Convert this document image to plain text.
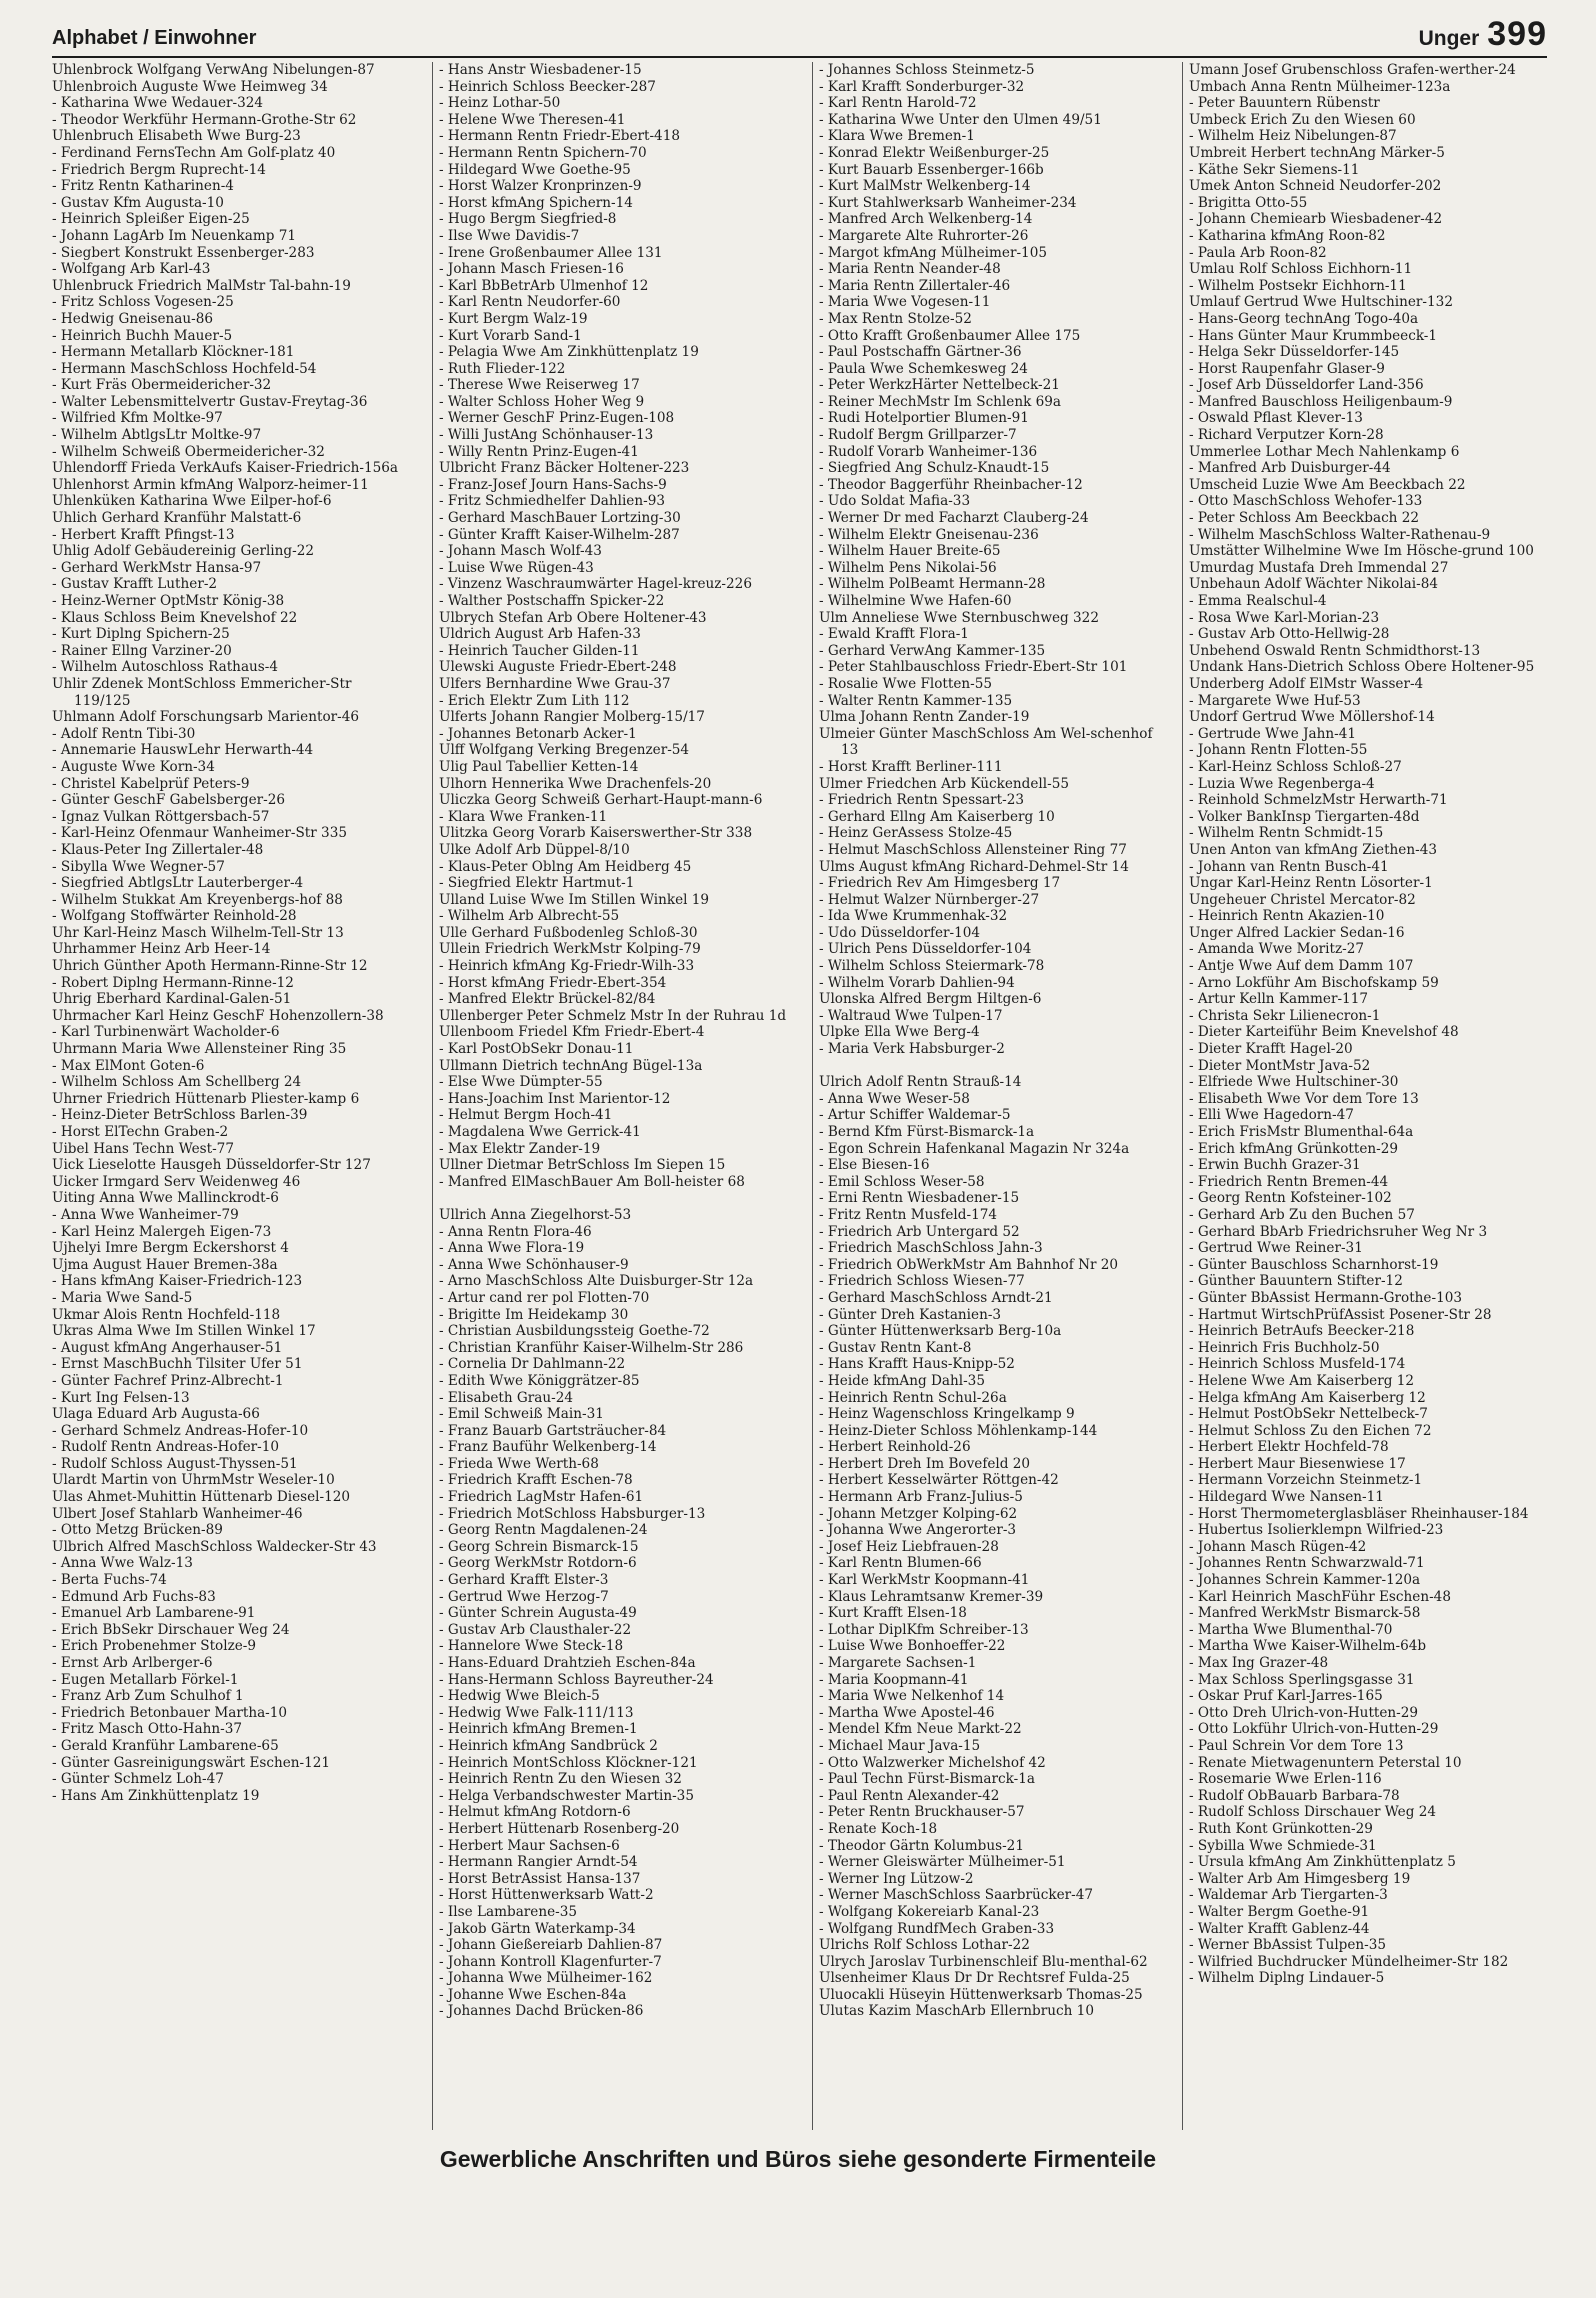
Alphabet / Einwohner	Unger 399
Uhlenbrock Wolfgang VerwAng Nibelungen-87
Uhlenbroich Auguste Wwe Heimweg 34
- Katharina Wwe Wedauer-324
- Theodor Werkführ Hermann-Grothe-Str 62
Uhlenbruch Elisabeth Wwe Burg-23
- Ferdinand FernsTechn Am Golf-platz 40
- Friedrich Bergm Ruprecht-14
- Fritz Rentn Katharinen-4
- Gustav Kfm Augusta-10
- Heinrich Spleißer Eigen-25
- Johann LagArb Im Neuenkamp 71
- Siegbert Konstrukt Essenberger-283
- Wolfgang Arb Karl-43
Uhlenbruck Friedrich MalMstr Tal-bahn-19
- Fritz Schloss Vogesen-25
- Hedwig Gneisenau-86
- Heinrich Buchh Mauer-5
- Hermann Metallarb Klöckner-181
- Hermann MaschSchloss Hochfeld-54
- Kurt Fräs Obermeidericher-32
- Walter Lebensmittelvertr Gustav-Freytag-36
- Wilfried Kfm Moltke-97
- Wilhelm AbtlgsLtr Moltke-97
- Wilhelm Schweiß Obermeidericher-32
Uhlendorff Frieda VerkAufs Kaiser-Friedrich-156a
Uhlenhorst Armin kfmAng Walporz-heimer-11
Uhlenküken Katharina Wwe Eilper-hof-6
Uhlich Gerhard Kranführ Malstatt-6
- Herbert Krafft Pfingst-13
Uhlig Adolf Gebäudereinig Gerling-22
- Gerhard WerkMstr Hansa-97
- Gustav Krafft Luther-2
- Heinz-Werner OptMstr König-38
- Klaus Schloss Beim Knevelshof 22
- Kurt Diplng Spichern-25
- Rainer Ellng Varziner-20
- Wilhelm Autoschloss Rathaus-4
Uhlir Zdenek MontSchloss Emmericher-Str 119/125
Uhlmann Adolf Forschungsarb Marientor-46
- Adolf Rentn Tibi-30
- Annemarie HauswLehr Herwarth-44
- Auguste Wwe Korn-34
- Christel Kabelprüf Peters-9
- Günter GeschF Gabelsberger-26
- Ignaz Vulkan Röttgersbach-57
- Karl-Heinz Ofenmaur Wanheimer-Str 335
- Klaus-Peter Ing Zillertaler-48
- Sibylla Wwe Wegner-57
- Siegfried AbtlgsLtr Lauterberger-4
- Wilhelm Stukkat Am Kreyenbergs-hof 88
- Wolfgang Stoffwärter Reinhold-28
Uhr Karl-Heinz Masch Wilhelm-Tell-Str 13
Uhrhammer Heinz Arb Heer-14
Uhrich Günther Apoth Hermann-Rinne-Str 12
- Robert Diplng Hermann-Rinne-12
Uhrig Eberhard Kardinal-Galen-51
Uhrmacher Karl Heinz GeschF Hohenzollern-38
- Karl Turbinenwärt Wacholder-6
Uhrmann Maria Wwe Allensteiner Ring 35
- Max ElMont Goten-6
- Wilhelm Schloss Am Schellberg 24
Uhrner Friedrich Hüttenarb Pliester-kamp 6
- Heinz-Dieter BetrSchloss Barlen-39
- Horst ElTechn Graben-2
Uibel Hans Techn West-77
Uick Lieselotte Hausgeh Düsseldorfer-Str 127
Uicker Irmgard Serv Weidenweg 46
Uiting Anna Wwe Mallinckrodt-6
- Anna Wwe Wanheimer-79
- Karl Heinz Malergeh Eigen-73
Ujhelyi Imre Bergm Eckershorst 4
Ujma August Hauer Bremen-38a
- Hans kfmAng Kaiser-Friedrich-123
- Maria Wwe Sand-5
Ukmar Alois Rentn Hochfeld-118
Ukras Alma Wwe Im Stillen Winkel 17
- August kfmAng Angerhauser-51
- Ernst MaschBuchh Tilsiter Ufer 51
- Günter Fachref Prinz-Albrecht-1
- Kurt Ing Felsen-13
Ulaga Eduard Arb Augusta-66
- Gerhard Schmelz Andreas-Hofer-10
- Rudolf Rentn Andreas-Hofer-10
- Rudolf Schloss August-Thyssen-51
Ulardt Martin von UhrmMstr Weseler-10
Ulas Ahmet-Muhittin Hüttenarb Diesel-120
Ulbert Josef Stahlarb Wanheimer-46
- Otto Metzg Brücken-89
Ulbrich Alfred MaschSchloss Waldecker-Str 43
- Anna Wwe Walz-13
- Berta Fuchs-74
- Edmund Arb Fuchs-83
- Emanuel Arb Lambarene-91
- Erich BbSekr Dirschauer Weg 24
- Erich Probenehmer Stolze-9
- Ernst Arb Arlberger-6
- Eugen Metallarb Förkel-1
- Franz Arb Zum Schulhof 1
- Friedrich Betonbauer Martha-10
- Fritz Masch Otto-Hahn-37
- Gerald Kranführ Lambarene-65
- Günter Gasreinigungswärt Eschen-121
- Günter Schmelz Loh-47
- Hans Am Zinkhüttenplatz 19
- Hans Anstr Wiesbadener-15
- Heinrich Schloss Beecker-287
- Heinz Lothar-50
- Helene Wwe Theresen-41
- Hermann Rentn Friedr-Ebert-418
- Hermann Rentn Spichern-70
- Hildegard Wwe Goethe-95
- Horst Walzer Kronprinzen-9
- Horst kfmAng Spichern-14
- Hugo Bergm Siegfried-8
- Ilse Wwe Davidis-7
- Irene Großenbaumer Allee 131
- Johann Masch Friesen-16
- Karl BbBetrArb Ulmenhof 12
- Karl Rentn Neudorfer-60
- Kurt Bergm Walz-19
- Kurt Vorarb Sand-1
- Pelagia Wwe Am Zinkhüttenplatz 19
- Ruth Flieder-122
- Therese Wwe Reiserweg 17
- Walter Schloss Hoher Weg 9
- Werner GeschF Prinz-Eugen-108
- Willi JustAng Schönhauser-13
- Willy Rentn Prinz-Eugen-41
Ulbricht Franz Bäcker Holtener-223
- Franz-Josef Journ Hans-Sachs-9
- Fritz Schmiedhelfer Dahlien-93
- Gerhard MaschBauer Lortzing-30
- Günter Krafft Kaiser-Wilhelm-287
- Johann Masch Wolf-43
- Luise Wwe Rügen-43
- Vinzenz Waschraumwärter Hagel-kreuz-226
- Walther Postschaffn Spicker-22
Ulbrych Stefan Arb Obere Holtener-43
Uldrich August Arb Hafen-33
- Heinrich Taucher Gilden-11
Ulewski Auguste Friedr-Ebert-248
Ulfers Bernhardine Wwe Grau-37
- Erich Elektr Zum Lith 112
Ulferts Johann Rangier Molberg-15/17
- Johannes Betonarb Acker-1
Ulff Wolfgang Verking Bregenzer-54
Ulig Paul Tabellier Ketten-14
Ulhorn Hennerika Wwe Drachenfels-20
Uliczka Georg Schweiß Gerhart-Haupt-mann-6
- Klara Wwe Franken-11
Ulitzka Georg Vorarb Kaiserswerther-Str 338
Ulke Adolf Arb Düppel-8/10
- Klaus-Peter Oblng Am Heidberg 45
- Siegfried Elektr Hartmut-1
Ulland Luise Wwe Im Stillen Winkel 19
- Wilhelm Arb Albrecht-55
Ulle Gerhard Fußbodenleg Schloß-30
Ullein Friedrich WerkMstr Kolping-79
- Heinrich kfmAng Kg-Friedr-Wilh-33
- Horst kfmAng Friedr-Ebert-354
- Manfred Elektr Brückel-82/84
Ullenberger Peter Schmelz Mstr In der Ruhrau 1d
Ullenboom Friedel Kfm Friedr-Ebert-4
- Karl PostObSekr Donau-11
Ullmann Dietrich technAng Bügel-13a
- Else Wwe Dümpter-55
- Hans-Joachim Inst Marientor-12
- Helmut Bergm Hoch-41
- Magdalena Wwe Gerrick-41
- Max Elektr Zander-19
Ullner Dietmar BetrSchloss Im Siepen 15
- Manfred ElMaschBauer Am Boll-heister 68
Ullrich Anna Ziegelhorst-53
- Anna Rentn Flora-46
- Anna Wwe Flora-19
- Anna Wwe Schönhauser-9
- Arno MaschSchloss Alte Duisburger-Str 12a
- Artur cand rer pol Flotten-70
- Brigitte Im Heidekamp 30
- Christian Ausbildungssteig Goethe-72
- Christian Kranführ Kaiser-Wilhelm-Str 286
- Cornelia Dr Dahlmann-22
- Edith Wwe Königgrätzer-85
- Elisabeth Grau-24
- Emil Schweiß Main-31
- Franz Bauarb Gartsträucher-84
- Franz Bauführ Welkenberg-14
- Frieda Wwe Werth-68
- Friedrich Krafft Eschen-78
- Friedrich LagMstr Hafen-61
- Friedrich MotSchloss Habsburger-13
- Georg Rentn Magdalenen-24
- Georg Schrein Bismarck-15
- Georg WerkMstr Rotdorn-6
- Gerhard Krafft Elster-3
- Gertrud Wwe Herzog-7
- Günter Schrein Augusta-49
- Gustav Arb Clausthaler-22
- Hannelore Wwe Steck-18
- Hans-Eduard Drahtzieh Eschen-84a
- Hans-Hermann Schloss Bayreuther-24
- Hedwig Wwe Bleich-5
- Hedwig Wwe Falk-111/113
- Heinrich kfmAng Bremen-1
- Heinrich kfmAng Sandbrück 2
- Heinrich MontSchloss Klöckner-121
- Heinrich Rentn Zu den Wiesen 32
- Helga Verbandschwester Martin-35
- Helmut kfmAng Rotdorn-6
- Herbert Hüttenarb Rosenberg-20
- Herbert Maur Sachsen-6
- Hermann Rangier Arndt-54
- Horst BetrAssist Hansa-137
- Horst Hüttenwerksarb Watt-2
- Ilse Lambarene-35
- Jakob Gärtn Waterkamp-34
- Johann Gießereiarb Dahlien-87
- Johann Kontroll Klagenfurter-7
- Johanna Wwe Mülheimer-162
- Johanne Wwe Eschen-84a
- Johannes Dachd Brücken-86
- Johannes Schloss Steinmetz-5
- Karl Krafft Sonderburger-32
- Karl Rentn Harold-72
- Katharina Wwe Unter den Ulmen 49/51
- Klara Wwe Bremen-1
- Konrad Elektr Weißenburger-25
- Kurt Bauarb Essenberger-166b
- Kurt MalMstr Welkenberg-14
- Kurt Stahlwerksarb Wanheimer-234
- Manfred Arch Welkenberg-14
- Margarete Alte Ruhrorter-26
- Margot kfmAng Mülheimer-105
- Maria Rentn Neander-48
- Maria Rentn Zillertaler-46
- Maria Wwe Vogesen-11
- Max Rentn Stolze-52
- Otto Krafft Großenbaumer Allee 175
- Paul Postschaffn Gärtner-36
- Paula Wwe Schemkesweg 24
- Peter WerkzHärter Nettelbeck-21
- Reiner MechMstr Im Schlenk 69a
- Rudi Hotelportier Blumen-91
- Rudolf Bergm Grillparzer-7
- Rudolf Vorarb Wanheimer-136
- Siegfried Ang Schulz-Knaudt-15
- Theodor Baggerführ Rheinbacher-12
- Udo Soldat Mafia-33
- Werner Dr med Facharzt Clauberg-24
- Wilhelm Elektr Gneisenau-236
- Wilhelm Hauer Breite-65
- Wilhelm Pens Nikolai-56
- Wilhelm PolBeamt Hermann-28
- Wilhelmine Wwe Hafen-60
Ulm Anneliese Wwe Sternbuschweg 322
- Ewald Krafft Flora-1
- Gerhard VerwAng Kammer-135
- Peter Stahlbauschloss Friedr-Ebert-Str 101
- Rosalie Wwe Flotten-55
- Walter Rentn Kammer-135
Ulma Johann Rentn Zander-19
Ulmeier Günter MaschSchloss Am Wel-schenhof 13
- Horst Krafft Berliner-111
Ulmer Friedchen Arb Kückendell-55
- Friedrich Rentn Spessart-23
- Gerhard Ellng Am Kaiserberg 10
- Heinz GerAssess Stolze-45
- Helmut MaschSchloss Allensteiner Ring 77
Ulms August kfmAng Richard-Dehmel-Str 14
- Friedrich Rev Am Himgesberg 17
- Helmut Walzer Nürnberger-27
- Ida Wwe Krummenhak-32
- Udo Düsseldorfer-104
- Ulrich Pens Düsseldorfer-104
- Wilhelm Schloss Steiermark-78
- Wilhelm Vorarb Dahlien-94
Ulonska Alfred Bergm Hiltgen-6
- Waltraud Wwe Tulpen-17
Ulpke Ella Wwe Berg-4
- Maria Verk Habsburger-2
Ulrich Adolf Rentn Strauß-14
- Anna Wwe Weser-58
- Artur Schiffer Waldemar-5
- Bernd Kfm Fürst-Bismarck-1a
- Egon Schrein Hafenkanal Magazin Nr 324a
- Else Biesen-16
- Emil Schloss Weser-58
- Erni Rentn Wiesbadener-15
- Fritz Rentn Musfeld-174
- Friedrich Arb Untergard 52
- Friedrich MaschSchloss Jahn-3
- Friedrich ObWerkMstr Am Bahnhof Nr 20
- Friedrich Schloss Wiesen-77
- Gerhard MaschSchloss Arndt-21
- Günter Dreh Kastanien-3
- Günter Hüttenwerksarb Berg-10a
- Gustav Rentn Kant-8
- Hans Krafft Haus-Knipp-52
- Heide kfmAng Dahl-35
- Heinrich Rentn Schul-26a
- Heinz Wagenschloss Kringelkamp 9
- Heinz-Dieter Schloss Möhlenkamp-144
- Herbert Reinhold-26
- Herbert Dreh Im Bovefeld 20
- Herbert Kesselwärter Röttgen-42
- Hermann Arb Franz-Julius-5
- Johann Metzger Kolping-62
- Johanna Wwe Angerorter-3
- Josef Heiz Liebfrauen-28
- Karl Rentn Blumen-66
- Karl WerkMstr Koopmann-41
- Klaus Lehramtsanw Kremer-39
- Kurt Krafft Elsen-18
- Lothar DiplKfm Schreiber-13
- Luise Wwe Bonhoeffer-22
- Margarete Sachsen-1
- Maria Koopmann-41
- Maria Wwe Nelkenhof 14
- Martha Wwe Apostel-46
- Mendel Kfm Neue Markt-22
- Michael Maur Java-15
- Otto Walzwerker Michelshof 42
- Paul Techn Fürst-Bismarck-1a
- Paul Rentn Alexander-42
- Peter Rentn Bruckhauser-57
- Renate Koch-18
- Theodor Gärtn Kolumbus-21
- Werner Gleiswärter Mülheimer-51
- Werner Ing Lützow-2
- Werner MaschSchloss Saarbrücker-47
- Wolfgang Kokereiarb Kanal-23
- Wolfgang RundfMech Graben-33
Ulrichs Rolf Schloss Lothar-22
Ulrych Jaroslav Turbinenschleif Blu-menthal-62
Ulsenheimer Klaus Dr Dr Rechtsref Fulda-25
Uluocakli Hüseyin Hüttenwerksarb Thomas-25
Ulutas Kazim MaschArb Ellernbruch 10
Umann Josef Grubenschloss Grafen-werther-24
Umbach Anna Rentn Mülheimer-123a
- Peter Bauuntern Rübenstr
Umbeck Erich Zu den Wiesen 60
- Wilhelm Heiz Nibelungen-87
Umbreit Herbert technAng Märker-5
- Käthe Sekr Siemens-11
Umek Anton Schneid Neudorfer-202
- Brigitta Otto-55
- Johann Chemiearb Wiesbadener-42
- Katharina kfmAng Roon-82
- Paula Arb Roon-82
Umlau Rolf Schloss Eichhorn-11
- Wilhelm Postsekr Eichhorn-11
Umlauf Gertrud Wwe Hultschiner-132
- Hans-Georg technAng Togo-40a
- Hans Günter Maur Krummbeeck-1
- Helga Sekr Düsseldorfer-145
- Horst Raupenfahr Glaser-9
- Josef Arb Düsseldorfer Land-356
- Manfred Bauschloss Heiligenbaum-9
- Oswald Pflast Klever-13
- Richard Verputzer Korn-28
Ummerlee Lothar Mech Nahlenkamp 6
- Manfred Arb Duisburger-44
Umscheid Luzie Wwe Am Beeckbach 22
- Otto MaschSchloss Wehofer-133
- Peter Schloss Am Beeckbach 22
- Wilhelm MaschSchloss Walter-Rathenau-9
Umstätter Wilhelmine Wwe Im Hösche-grund 100
Umurdag Mustafa Dreh Immendal 27
Unbehaun Adolf Wächter Nikolai-84
- Emma Realschul-4
- Rosa Wwe Karl-Morian-23
- Gustav Arb Otto-Hellwig-28
Unbehend Oswald Rentn Schmidthorst-13
Undank Hans-Dietrich Schloss Obere Holtener-95
Underberg Adolf ElMstr Wasser-4
- Margarete Wwe Huf-53
Undorf Gertrud Wwe Möllershof-14
- Gertrude Wwe Jahn-41
- Johann Rentn Flotten-55
- Karl-Heinz Schloss Schloß-27
- Luzia Wwe Regenberga-4
- Reinhold SchmelzMstr Herwarth-71
- Volker BankInsp Tiergarten-48d
- Wilhelm Rentn Schmidt-15
Unen Anton van kfmAng Ziethen-43
- Johann van Rentn Busch-41
Ungar Karl-Heinz Rentn Lösorter-1
Ungeheuer Christel Mercator-82
- Heinrich Rentn Akazien-10
Unger Alfred Lackier Sedan-16
- Amanda Wwe Moritz-27
- Antje Wwe Auf dem Damm 107
- Arno Lokführ Am Bischofskamp 59
- Artur Kelln Kammer-117
- Christa Sekr Lilienecron-1
- Dieter Karteiführ Beim Knevelshof 48
- Dieter Krafft Hagel-20
- Dieter MontMstr Java-52
- Elfriede Wwe Hultschiner-30
- Elisabeth Wwe Vor dem Tore 13
- Elli Wwe Hagedorn-47
- Erich FrisMstr Blumenthal-64a
- Erich kfmAng Grünkotten-29
- Erwin Buchh Grazer-31
- Friedrich Rentn Bremen-44
- Georg Rentn Kofsteiner-102
- Gerhard Arb Zu den Buchen 57
- Gerhard BbArb Friedrichsruher Weg Nr 3
- Gertrud Wwe Reiner-31
- Günter Bauschloss Scharnhorst-19
- Günther Bauuntern Stifter-12
- Günter BbAssist Hermann-Grothe-103
- Hartmut WirtschPrüfAssist Posener-Str 28
- Heinrich BetrAufs Beecker-218
- Heinrich Fris Buchholz-50
- Heinrich Schloss Musfeld-174
- Helene Wwe Am Kaiserberg 12
- Helga kfmAng Am Kaiserberg 12
- Helmut PostObSekr Nettelbeck-7
- Helmut Schloss Zu den Eichen 72
- Herbert Elektr Hochfeld-78
- Herbert Maur Biesenwiese 17
- Hermann Vorzeichn Steinmetz-1
- Hildegard Wwe Nansen-11
- Horst Thermometerglasbläser Rheinhauser-184
- Hubertus Isolierklempn Wilfried-23
- Johann Masch Rügen-42
- Johannes Rentn Schwarzwald-71
- Johannes Schrein Kammer-120a
- Karl Heinrich MaschFühr Eschen-48
- Manfred WerkMstr Bismarck-58
- Martha Wwe Blumenthal-70
- Martha Wwe Kaiser-Wilhelm-64b
- Max Ing Grazer-48
- Max Schloss Sperlingsgasse 31
- Oskar Pruf Karl-Jarres-165
- Otto Dreh Ulrich-von-Hutten-29
- Otto Lokführ Ulrich-von-Hutten-29
- Paul Schrein Vor dem Tore 13
- Renate Mietwagenuntern Peterstal 10
- Rosemarie Wwe Erlen-116
- Rudolf ObBauarb Barbara-78
- Rudolf Schloss Dirschauer Weg 24
- Ruth Kont Grünkotten-29
- Sybilla Wwe Schmiede-31
- Ursula kfmAng Am Zinkhüttenplatz 5
- Walter Arb Am Himgesberg 19
- Waldemar Arb Tiergarten-3
- Walter Bergm Goethe-91
- Walter Krafft Gablenz-44
- Werner BbAssist Tulpen-35
- Wilfried Buchdrucker Mündelheimer-Str 182
- Wilhelm Diplng Lindauer-5
Gewerbliche Anschriften und Büros siehe gesonderte Firmenteile
